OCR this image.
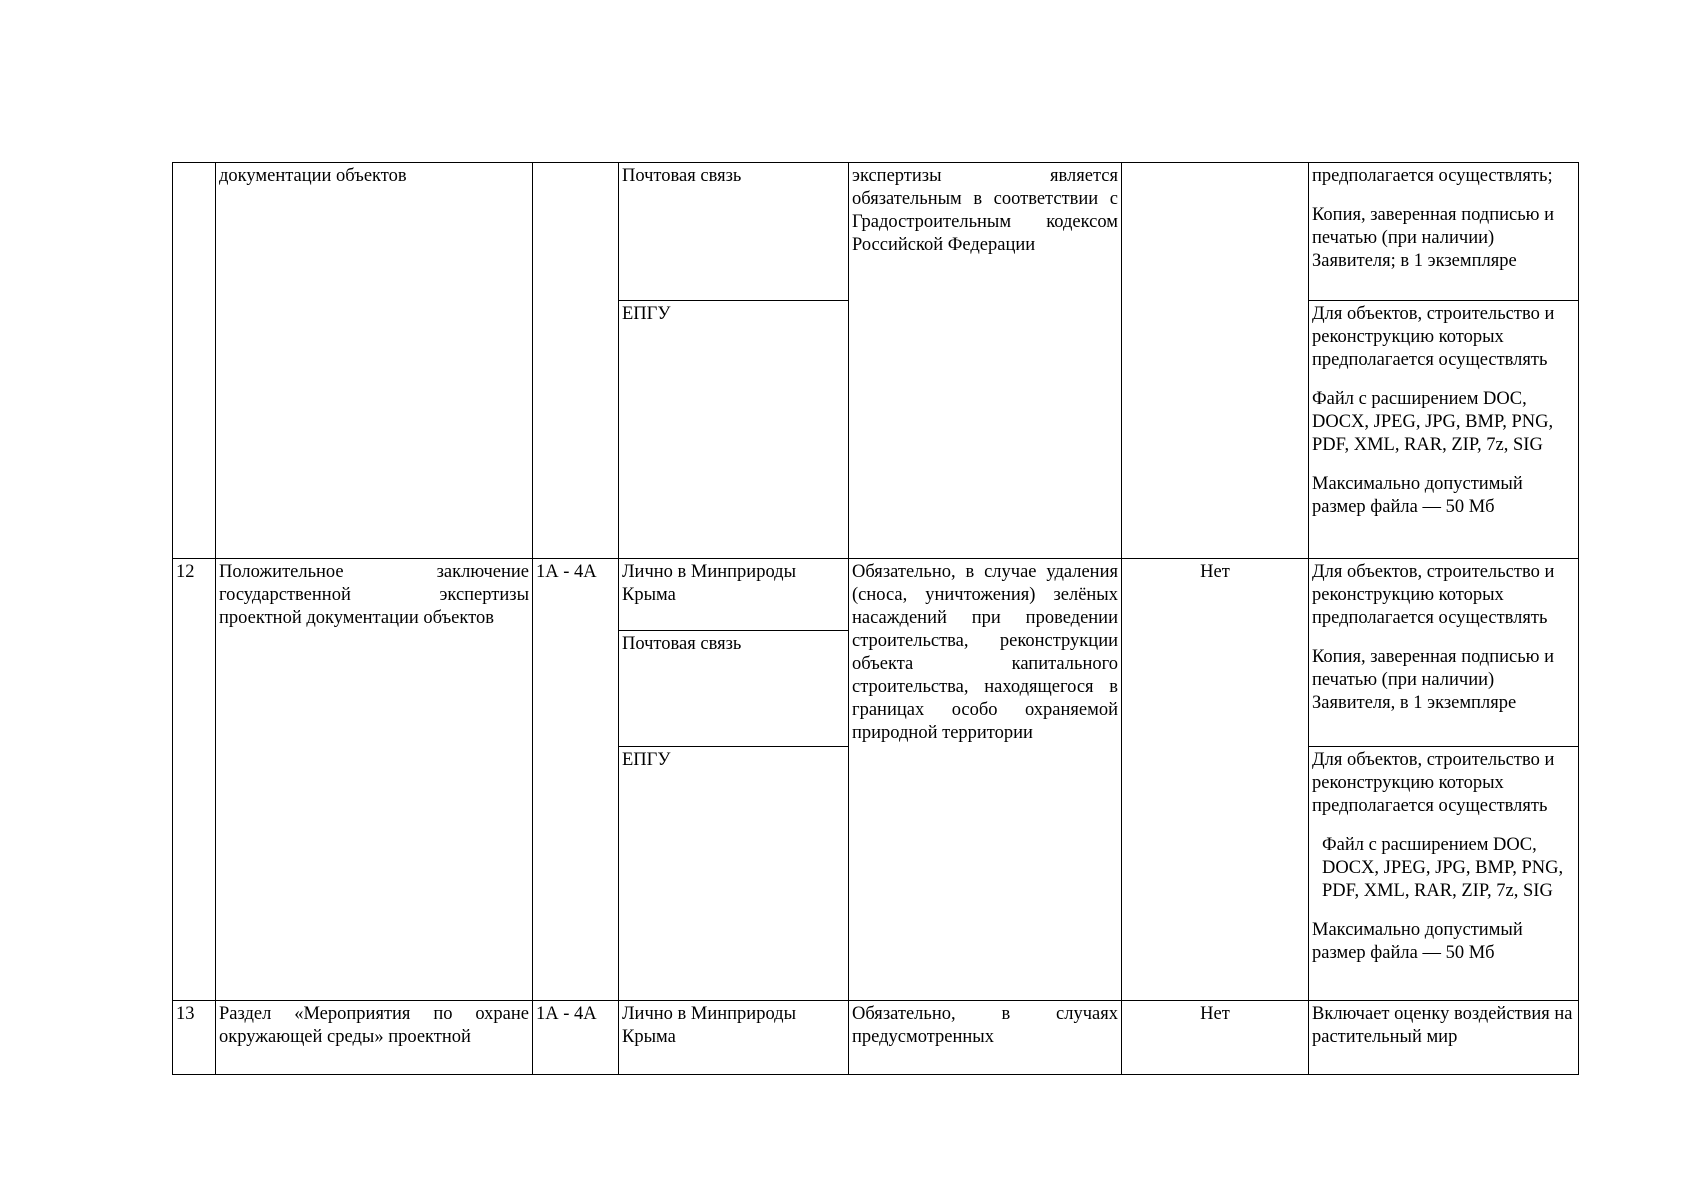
	документации объектов		Почтовая связь	экспертизы является обязательным в соответствии с Градостроительным кодексом Российской Федерации		предполагается осуществлять;

Копия, заверенная подписью и печатью (при наличии) Заявителя; в 1 экземпляре

			ЕПГУ			Для объектов, строительство и реконструкцию которых предполагается осуществлять

Файл с расширением DOC, DOCX, JPEG, JPG, BMP, PNG, PDF, XML, RAR, ZIP, 7z, SIG

Максимально допустимый размер файла — 50 Мб

12	Положительное заключение государственной экспертизы проектной документации объектов	1А - 4А	Лично в Минприроды Крыма	Обязательно, в случае удаления (сноса, уничтожения) зелёных насаждений при проведении строительства, реконструкции объекта капитального строительства, находящегося в границах особо охраняемой природной территории	Нет	Для объектов, строительство и реконструкцию которых предполагается осуществлять

Копия, заверенная подписью и печатью (при наличии) Заявителя, в 1 экземпляре

			Почтовая связь			
			ЕПГУ			Для объектов, строительство и реконструкцию которых предполагается осуществлять

Файл с расширением DOC, DOCX, JPEG, JPG, BMP, PNG, PDF, XML, RAR, ZIP, 7z, SIG

Максимально допустимый размер файла — 50 Мб

13	Раздел «Мероприятия по охране окружающей среды» проектной	1А - 4А	Лично в Минприроды Крыма	Обязательно, в случаях предусмотренных	Нет	Включает оценку воздействия на растительный мир
